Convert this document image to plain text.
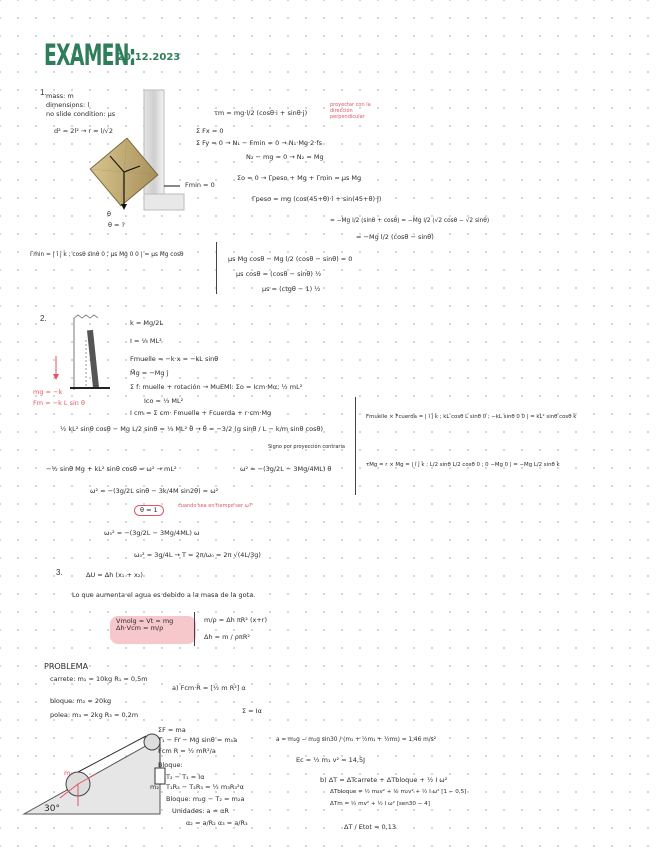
EXAMEN:
20.12.2023
1. mass: m
dimensions: l
no slide condition: μs
d² = 2l² → r = l/√2
θ
θ = ?
Fmin = 0
τm = mg·l/2 (cosθ·i + sinθ·j)
proyectar con la dirección perpendicular
Σ Fx = 0
Σ Fy = 0 → N₁ − Fmin = 0 → N₁·Mg·2·fs
N₂ − mg = 0 → N₂ = Mg
Σo = 0 → Γpeso + Mg + Γmin = μs Mg
Γpeso = mg (cos(45+θ)·î + sin(45+θ)·ĵ)
= −Mg l/2 (sinθ + cosθ) = −Mg l/2 (√2 cosθ − √2 sinθ)
= −Mg l/2 (cosθ − sinθ)
Γmin = | î ĵ k̂ ; cosθ sinθ 0 ; μs Mg 0 0 | = μs Mg cosθ	μs Mg cosθ − Mg l/2 (cosθ − sinθ) = 0
μs cosθ = (cosθ − sinθ) ½
μs = (ctgθ − 1) ½
2.
mg = −k
Fm = −k L sin θ
k = Mg/2L
I = ⅓ ML²
Fmuelle = −k·x = −kL sinθ
M⃗g = −Mg ĵ
Σ f: muelle + rotación → MuEMl: Σo = Icm·Mα; ½ mL²
Ico = ⅓ ML²
I cm = Σ cm· Fmuelle + Fcuerda + r·cm·Mg
½ kL² sinθ cosθ − Mg L/2 sinθ = ⅓ ML² θ̈ → θ̈ = −3/2 (g sinθ / L − k/m sinθ cosθ)
Fmuelle × Fcuerda = | î ĵ k̂ ; kL cosθ L sinθ 0 ; −kL sinθ 0 0 | = kL² sinθ cosθ k̂
τMg = r × Mg = | î ĵ k̂ ; L/2 sinθ L/2 cosθ 0 ; 0 −Mg 0 | = −Mg L/2 sinθ k̂
Signo por proyección contraria
−½ sinθ Mg + kL² sinθ cosθ = ω² → mL²
ω² = −(3g/2L sinθ − 3k/4M sin2θ) = ω²
ω² = −(3g/2L − 3Mg/4ML) θ
θ ≈ 1	cuando sea en tiempo ser ω?
ω₀² = −(3g/2L − 3Mg/4ML) ω
ω₀² = 3g/4L → T = 2π/ω₀ = 2π √(4L/3g)
3.	ΔU = Δh (x₁ + x₂)
Lo que aumenta el agua es debido a la masa de la gota.
Vmolg = Vt = mg
Δh·Vcm = m/ρ
m/ρ = Δh πR² (x+r)
Δh = m / ρπR²
PROBLEMA
carrete: m₁ = 10kg R₁ = 0,5m
bloque: m₂ = 20kg
polea: m₃ = 2kg R₃ = 0,2m
a) Fcm·R = [½ m R²] α
Σ = Iα
30°
m₁
m₂
ΣF = ma
T₁ − Fr − Mg sinθ = m₁a
Fcm R = ½ mR²/a
Bloque:
T₂ − T₁ = Iα
T₁R₃ − T₂R₃ = ½ m₃R₃²α
Bloque: m₂g − T₂ = m₂a
Unidades: a = αR
α₂ = a/R₂ α₃ = a/R₃
a = m₂g − m₁g sin30 / (m₁ + ½m₁ + ½m₃) = 1,46 m/s²
Ec = ½ m₁ v² = 14,5J
b) ΔT = ΔTcarrete + ΔTbloque + ½ I ω²
ΔTbloque = ½ m₂v² + ½ m₂v² + ½ I ω² [1 − 0,5]
ΔTm = ½ mv² + ½ I ω² [sen30 − 4]
ΔT / Etot = 0,13
